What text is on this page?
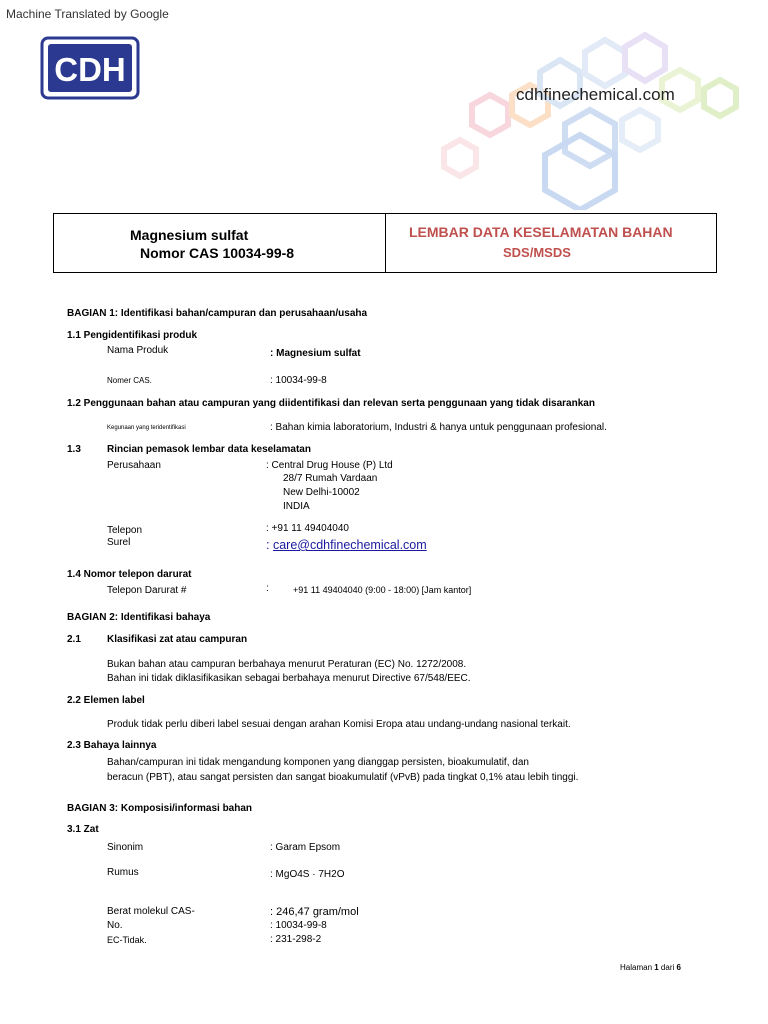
Machine Translated by Google
CDH
cdhfinechemical.com
Magnesium sulfat
Nomor CAS 10034-99-8
LEMBAR DATA KESELAMATAN BAHAN
SDS/MSDS
BAGIAN 1: Identifikasi bahan/campuran dan perusahaan/usaha
1.1 Pengidentifikasi produk
Nama Produk	: Magnesium sulfat
Nomer CAS.	: 10034-99-8
1.2 Penggunaan bahan atau campuran yang diidentifikasi dan relevan serta penggunaan yang tidak disarankan
Kegunaan yang teridentifikasi	: Bahan kimia laboratorium, Industri & hanya untuk penggunaan profesional.
1.3	Rincian pemasok lembar data keselamatan
Perusahaan	: Central Drug House (P) Ltd
28/7 Rumah Vardaan
New Delhi-10002
INDIA
Telepon	: +91 11 49404040
Surel	: care@cdhfinechemical.com
1.4 Nomor telepon darurat
Telepon Darurat #	:	+91 11 49404040 (9:00 - 18:00) [Jam kantor]
BAGIAN 2: Identifikasi bahaya
2.1	Klasifikasi zat atau campuran
Bukan bahan atau campuran berbahaya menurut Peraturan (EC) No. 1272/2008.
Bahan ini tidak diklasifikasikan sebagai berbahaya menurut Directive 67/548/EEC.
2.2 Elemen label
Produk tidak perlu diberi label sesuai dengan arahan Komisi Eropa atau undang-undang nasional terkait.
2.3 Bahaya lainnya
Bahan/campuran ini tidak mengandung komponen yang dianggap persisten, bioakumulatif, dan
beracun (PBT), atau sangat persisten dan sangat bioakumulatif (vPvB) pada tingkat 0,1% atau lebih tinggi.
BAGIAN 3: Komposisi/informasi bahan
3.1 Zat
Sinonim	: Garam Epsom
Rumus	: MgO4S · 7H2O
Berat molekul CAS-	: 246,47 gram/mol
No.	: 10034-99-8
EC-Tidak.	: 231-298-2
Halaman 1 dari 6
